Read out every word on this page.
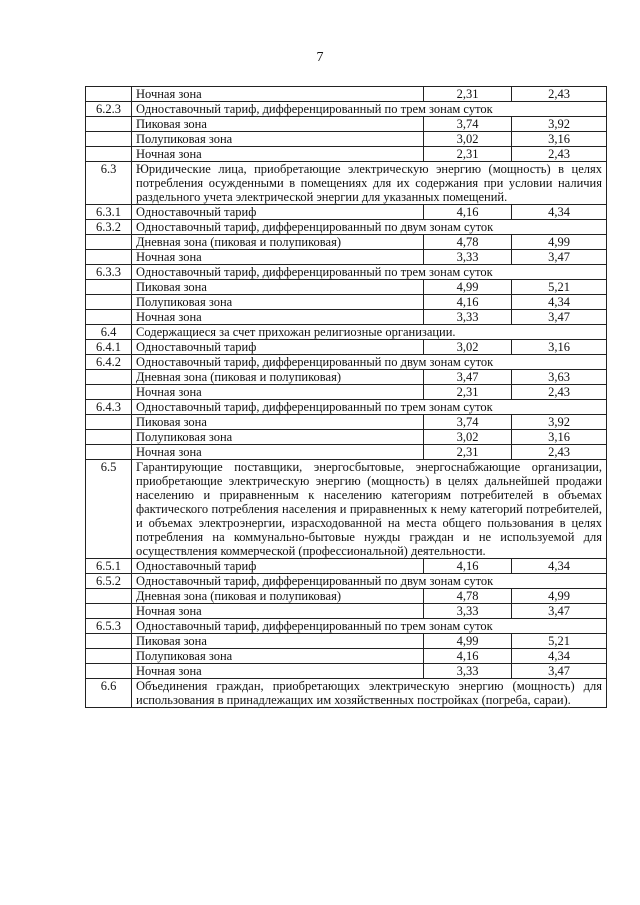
7
	Ночная зона	2,31	2,43
6.2.3	Одноставочный тариф, дифференцированный по трем зонам суток		
	Пиковая зона	3,74	3,92
	Полупиковая зона	3,02	3,16
	Ночная зона	2,31	2,43
6.3	Юридические лица, приобретающие электрическую энергию (мощность) в целях потребления осужденными в помещениях для их содержания при условии наличия раздельного учета электрической энергии для указанных помещений.		
6.3.1	Одноставочный тариф	4,16	4,34
6.3.2	Одноставочный тариф, дифференцированный по двум зонам суток		
	Дневная зона (пиковая и полупиковая)	4,78	4,99
	Ночная зона	3,33	3,47
6.3.3	Одноставочный тариф, дифференцированный по трем зонам суток		
	Пиковая зона	4,99	5,21
	Полупиковая зона	4,16	4,34
	Ночная зона	3,33	3,47
6.4	Содержащиеся за счет прихожан религиозные организации.		
6.4.1	Одноставочный тариф	3,02	3,16
6.4.2	Одноставочный тариф, дифференцированный по двум зонам суток		
	Дневная зона (пиковая и полупиковая)	3,47	3,63
	Ночная зона	2,31	2,43
6.4.3	Одноставочный тариф, дифференцированный по трем зонам суток		
	Пиковая зона	3,74	3,92
	Полупиковая зона	3,02	3,16
	Ночная зона	2,31	2,43
6.5	Гарантирующие поставщики, энергосбытовые, энергоснабжающие организации, приобретающие электрическую энергию (мощность) в целях дальнейшей продажи населению и приравненным к населению категориям потребителей в объемах фактического потребления населения и приравненных к нему категорий потребителей, и объемах электроэнергии, израсходованной на места общего пользования в целях потребления на коммунально-бытовые нужды граждан и не используемой для осуществления коммерческой (профессиональной) деятельности.		
6.5.1	Одноставочный тариф	4,16	4,34
6.5.2	Одноставочный тариф, дифференцированный по двум зонам суток		
	Дневная зона (пиковая и полупиковая)	4,78	4,99
	Ночная зона	3,33	3,47
6.5.3	Одноставочный тариф, дифференцированный по трем зонам суток		
	Пиковая зона	4,99	5,21
	Полупиковая зона	4,16	4,34
	Ночная зона	3,33	3,47
6.6	Объединения граждан, приобретающих электрическую энергию (мощность) для использования в принадлежащих им хозяйственных постройках (погреба, сараи).		
